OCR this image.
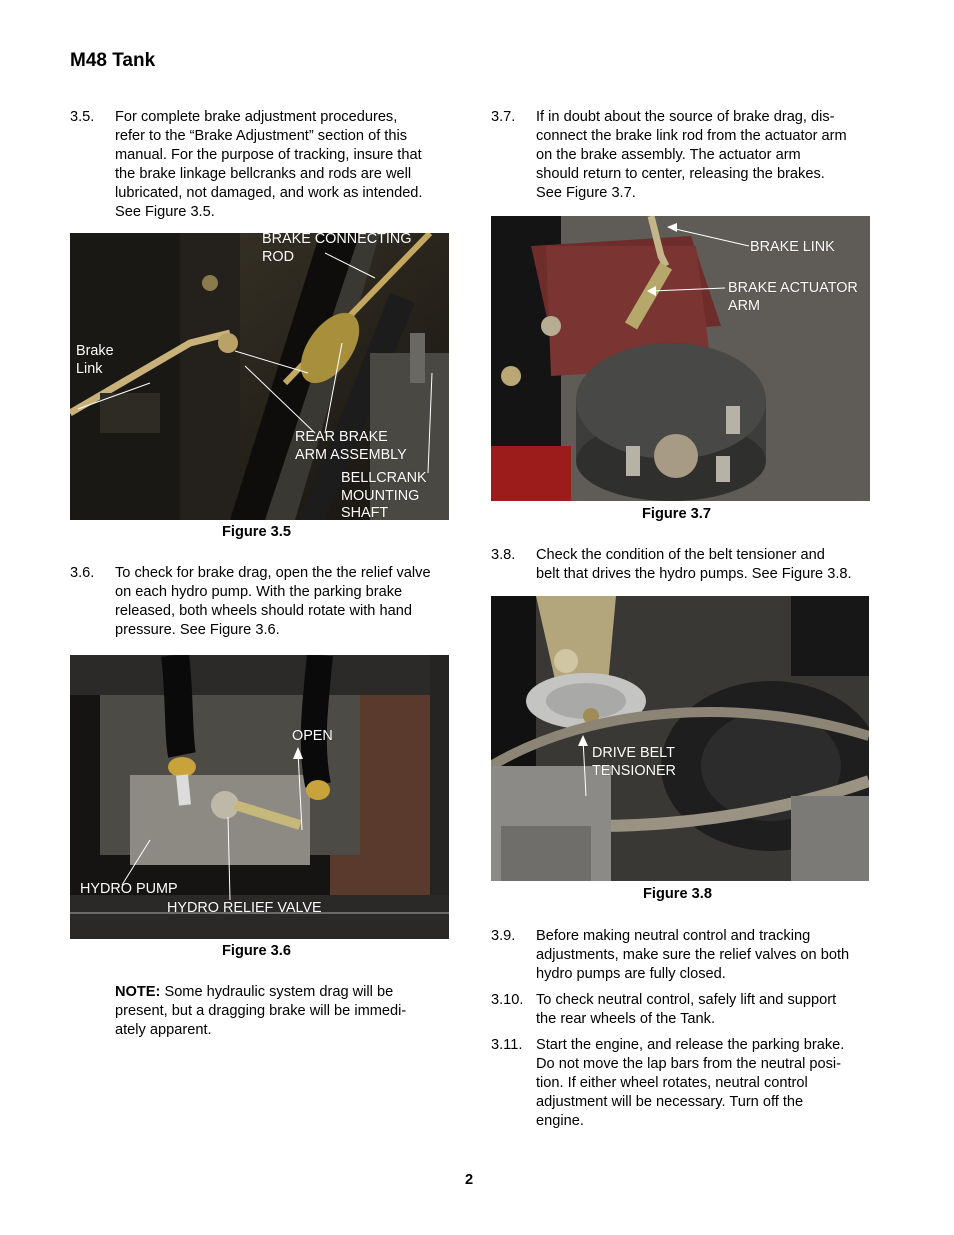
M48 Tank
3.5. For complete brake adjustment procedures,
refer to the “Brake Adjustment” section of this
manual. For the purpose of tracking, insure that
the brake linkage bellcranks and rods are well
lubricated, not damaged, and work as intended.
See Figure 3.5.
BRAKE CONNECTING
ROD
Brake
Link
REAR BRAKE
ARM ASSEMBLY
BELLCRANK
MOUNTING
SHAFT
Figure 3.5
3.6. To check for brake drag, open the the relief valve
on each hydro pump. With the parking brake
released, both wheels should rotate with hand
pressure. See Figure 3.6.
OPEN
HYDRO PUMP
HYDRO RELIEF VALVE
Figure 3.6
NOTE: Some hydraulic system drag will be
present, but a dragging brake will be immedi-
ately apparent.
3.7. If in doubt about the source of brake drag, dis-
connect the brake link rod from the actuator arm
on the brake assembly. The actuator arm
should return to center, releasing the brakes.
See Figure 3.7.
BRAKE LINK
BRAKE ACTUATOR
ARM
Figure 3.7
3.8. Check the condition of the belt tensioner and
belt that drives the hydro pumps. See Figure 3.8.
DRIVE BELT
TENSIONER
Figure 3.8
3.9. Before making neutral control and tracking
adjustments, make sure the relief valves on both
hydro pumps are fully closed.
3.10. To check neutral control, safely lift and support
the rear wheels of the Tank.
3.11. Start the engine, and release the parking brake.
Do not move the lap bars from the neutral posi-
tion. If either wheel rotates, neutral control
adjustment will be necessary. Turn off the
engine.
2
